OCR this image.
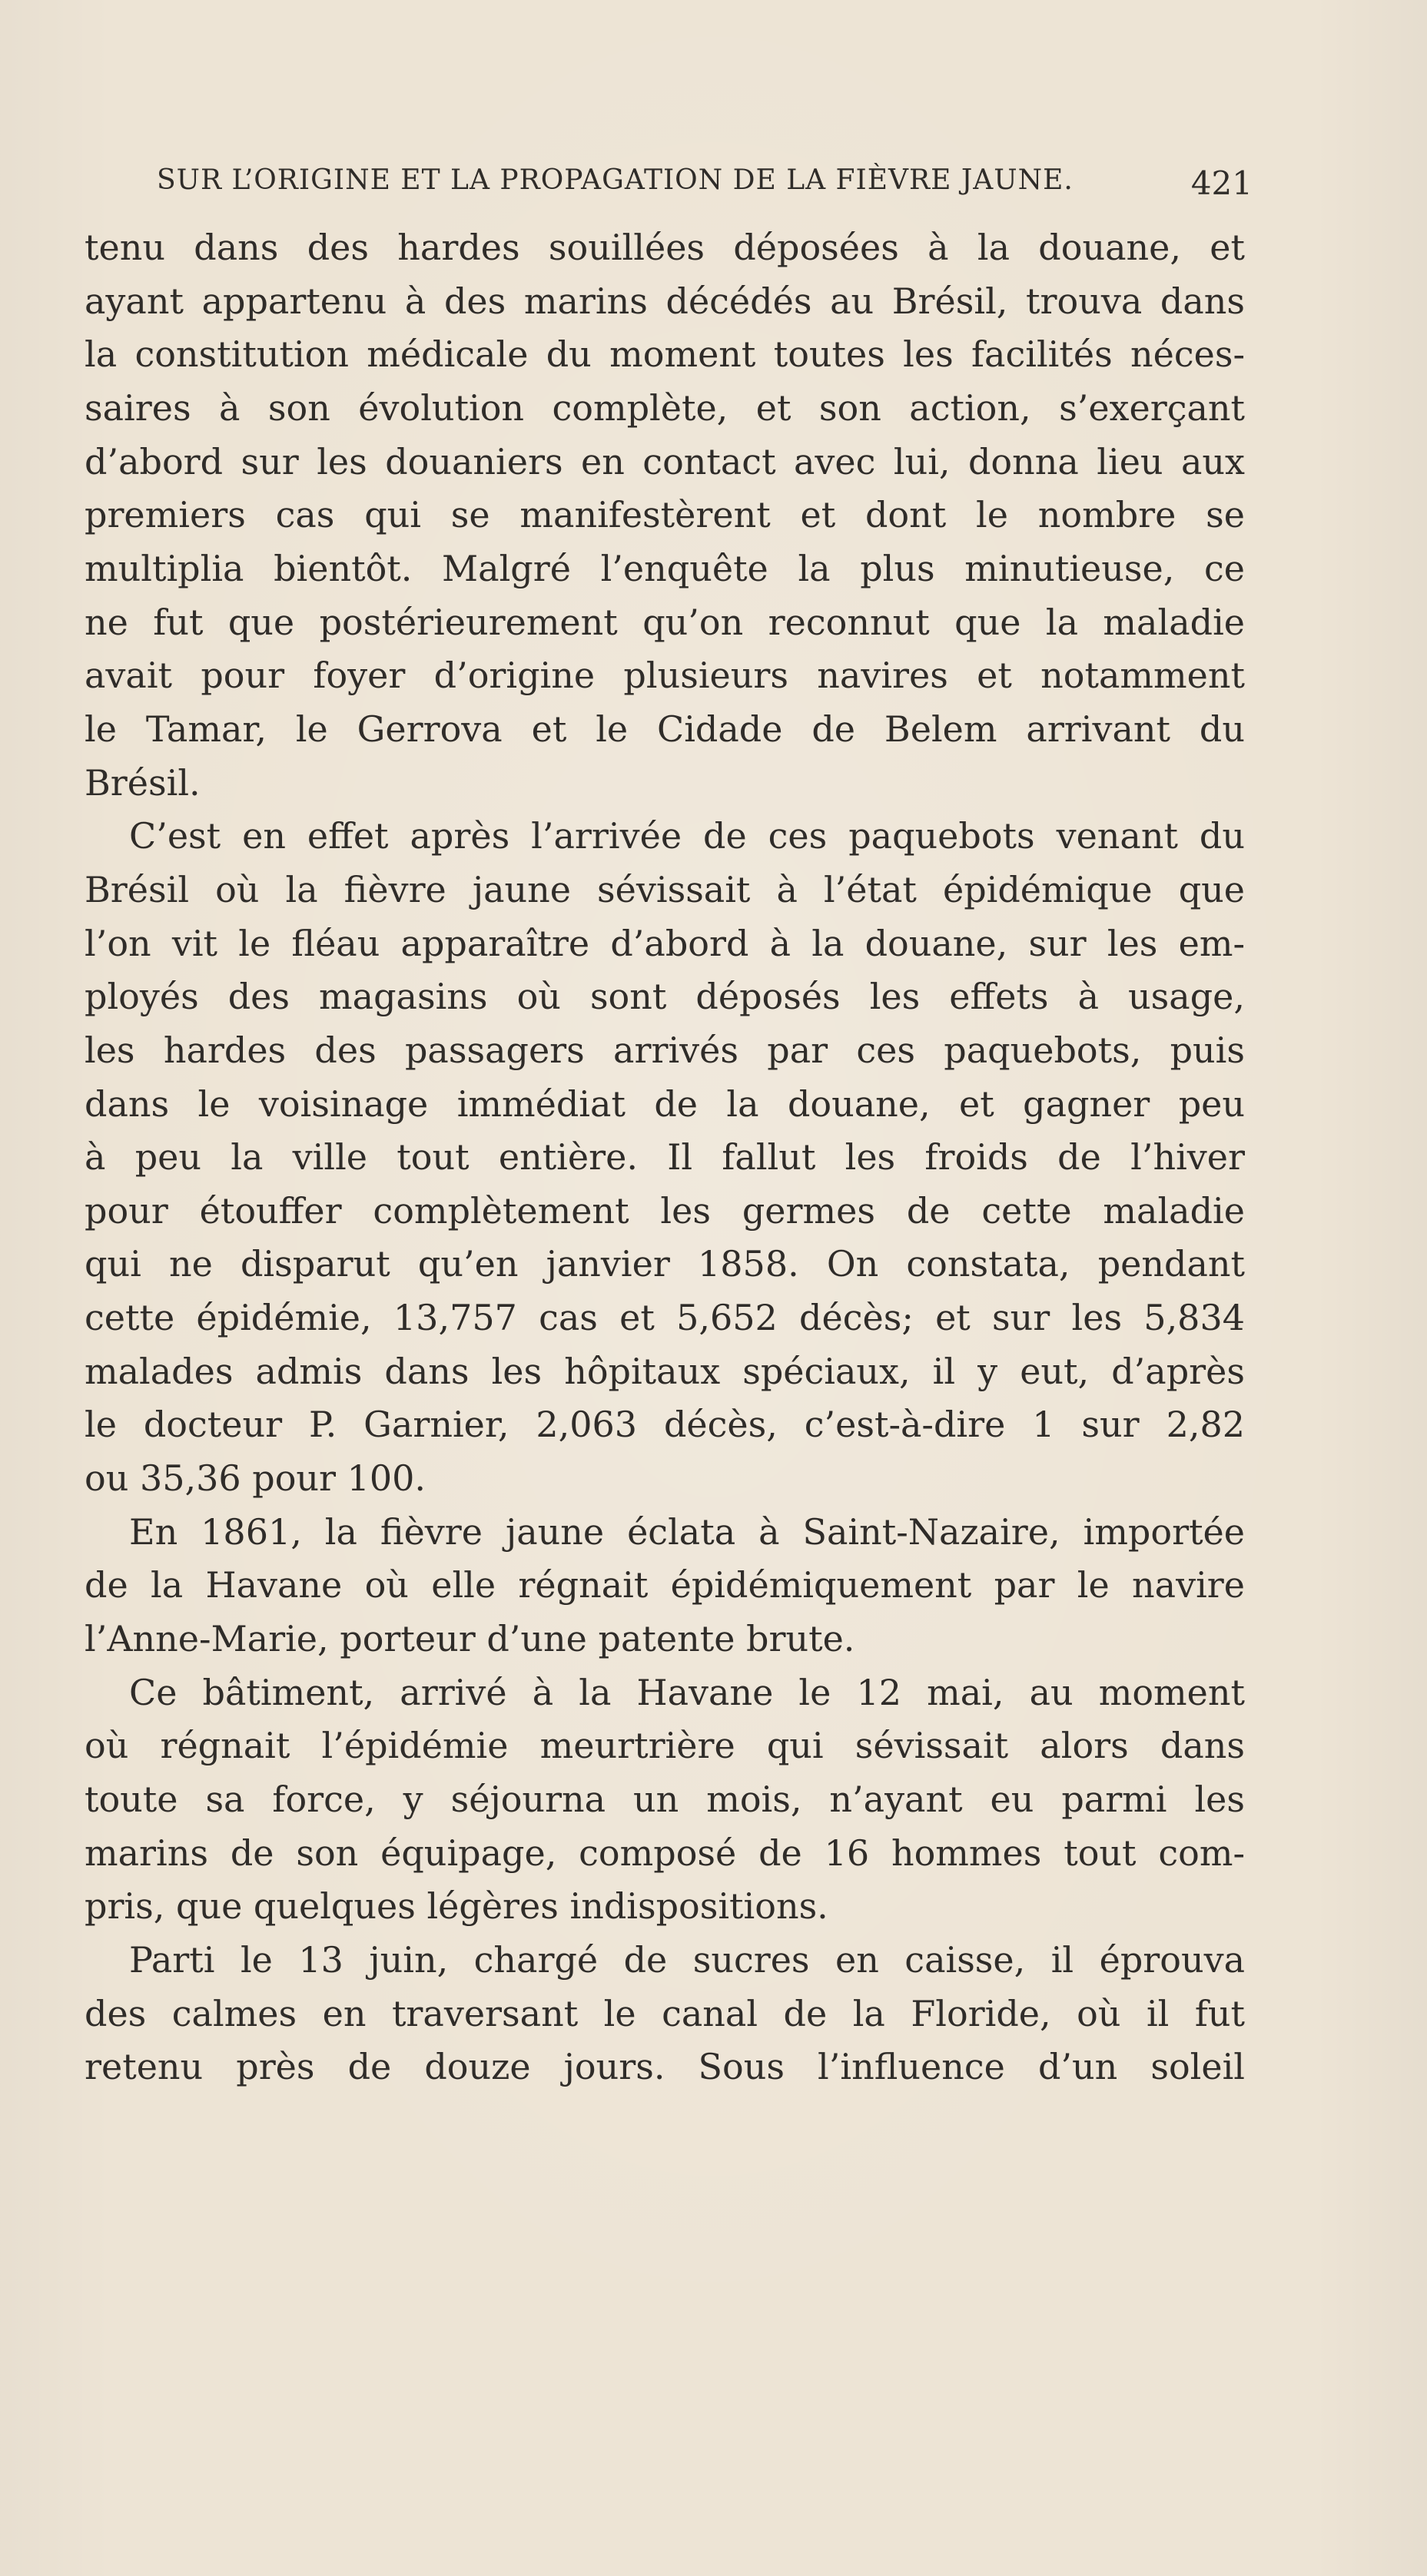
SUR L’ORIGINE ET LA PROPAGATION DE LA FIÈVRE JAUNE.	421
tenu dans des hardes souillées déposées à la douane, et
ayant appartenu à des marins décédés au Brésil, trouva dans
la constitution médicale du moment toutes les facilités néces-
saires à son évolution complète, et son action, s’exerçant
d’abord sur les douaniers en contact avec lui, donna lieu aux
premiers cas qui se manifestèrent et dont le nombre se
multiplia bientôt. Malgré l’enquête la plus minutieuse, ce
ne fut que postérieurement qu’on reconnut que la maladie
avait pour foyer d’origine plusieurs navires et notamment
le Tamar, le Gerrova et le Cidade de Belem arrivant du
Brésil.
C’est en effet après l’arrivée de ces paquebots venant du
Brésil où la fièvre jaune sévissait à l’état épidémique que
l’on vit le fléau apparaître d’abord à la douane, sur les em-
ployés des magasins où sont déposés les effets à usage,
les hardes des passagers arrivés par ces paquebots, puis
dans le voisinage immédiat de la douane, et gagner peu
à peu la ville tout entière. Il fallut les froids de l’hiver
pour étouffer complètement les germes de cette maladie
qui ne disparut qu’en janvier 1858. On constata, pendant
cette épidémie, 13,757 cas et 5,652 décès; et sur les 5,834
malades admis dans les hôpitaux spéciaux, il y eut, d’après
le docteur P. Garnier, 2,063 décès, c’est-à-dire 1 sur 2,82
ou 35,36 pour 100.
En 1861, la fièvre jaune éclata à Saint-Nazaire, importée
de la Havane où elle régnait épidémiquement par le navire
l’Anne-Marie, porteur d’une patente brute.
Ce bâtiment, arrivé à la Havane le 12 mai, au moment
où régnait l’épidémie meurtrière qui sévissait alors dans
toute sa force, y séjourna un mois, n’ayant eu parmi les
marins de son équipage, composé de 16 hommes tout com-
pris, que quelques légères indispositions.
Parti le 13 juin, chargé de sucres en caisse, il éprouva
des calmes en traversant le canal de la Floride, où il fut
retenu près de douze jours. Sous l’influence d’un soleil
